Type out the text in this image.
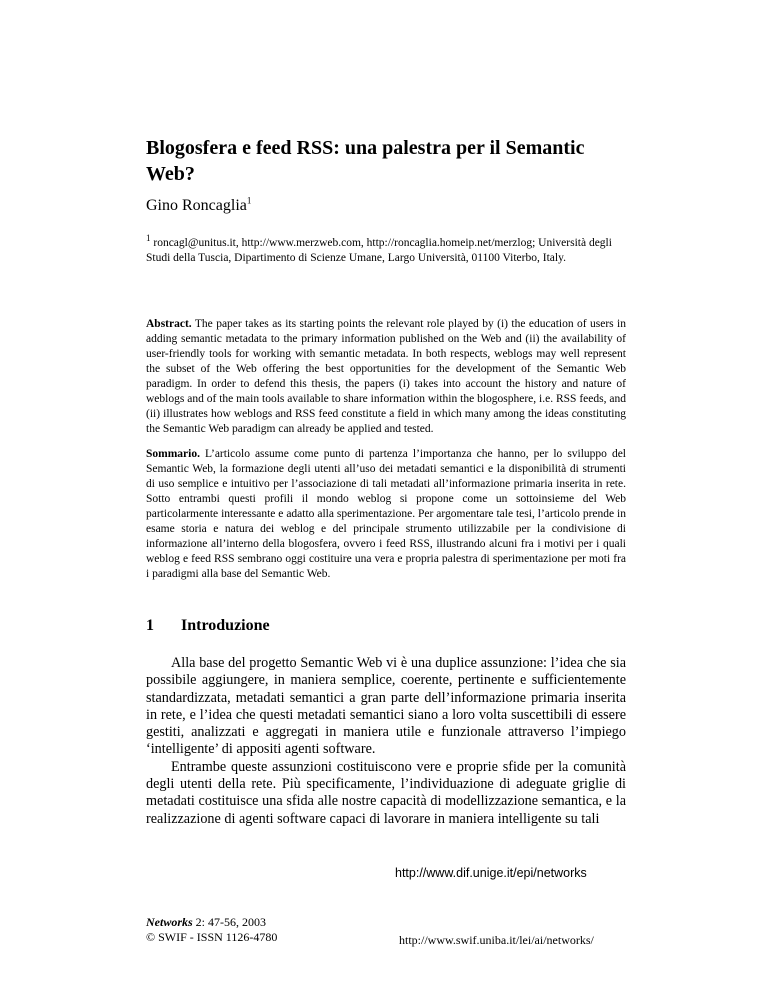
Blogosfera e feed RSS: una palestra per il Semantic Web?
Gino Roncaglia$^1$
$^1$ roncagl@unitus.it, http://www.merzweb.com, http://roncaglia.homeip.net/merzlog; Università degli Studi della Tuscia, Dipartimento di Scienze Umane, Largo Università, 01100 Viterbo, Italy.

Abstract. The paper takes as its starting points the relevant role played by (i) the education of users in adding semantic metadata to the primary information published on the Web and (ii) the availability of user-friendly tools for working with semantic metadata. In both respects, weblogs may well represent the subset of the Web offering the best opportunities for the development of the Semantic Web paradigm. In order to defend this thesis, the papers (i) takes into account the history and nature of weblogs and of the main tools available to share information within the blogosphere, i.e. RSS feeds, and (ii) illustrates how weblogs and RSS feed constitute a field in which many among the ideas constituting the Semantic Web paradigm can already be applied and tested.

Sommario. L’articolo assume come punto di partenza l’importanza che hanno, per lo sviluppo del Semantic Web, la formazione degli utenti all’uso dei metadati semantici e la disponibilità di strumenti di uso semplice e intuitivo per l’associazione di tali metadati all’informazione primaria inserita in rete. Sotto entrambi questi profili il mondo weblog si propone come un sottoinsieme del Web particolarmente interessante e adatto alla sperimentazione. Per argomentare tale tesi, l’articolo prende in esame storia e natura dei weblog e del principale strumento utilizzabile per la condivisione di informazione all’interno della blogosfera, ovvero i feed RSS, illustrando alcuni fra i motivi per i quali weblog e feed RSS sembrano oggi costituire una vera e propria palestra di sperimentazione per moti fra i paradigmi alla base del Semantic Web.

1 Introduzione

Alla base del progetto Semantic Web vi è una duplice assunzione: l’idea che sia possibile aggiungere, in maniera semplice, coerente, pertinente e sufficientemente standardizzata, metadati semantici a gran parte dell’informazione primaria inserita in rete, e l’idea che questi metadati semantici siano a loro volta suscettibili di essere gestiti, analizzati e aggregati in maniera utile e funzionale attraverso l’impiego ‘intelligente’ di appositi agenti software.

Entrambe queste assunzioni costituiscono vere e proprie sfide per la comunità degli utenti della rete. Più specificamente, l’individuazione di adeguate griglie di metadati costituisce una sfida alle nostre capacità di modellizzazione semantica, e la realizzazione di agenti software capaci di lavorare in maniera intelligente su tali

http://www.dif.unige.it/epi/networks
Networks 2: 47-56, 2003
© SWIF - ISSN 1126-4780	http://www.swif.uniba.it/lei/ai/networks/
